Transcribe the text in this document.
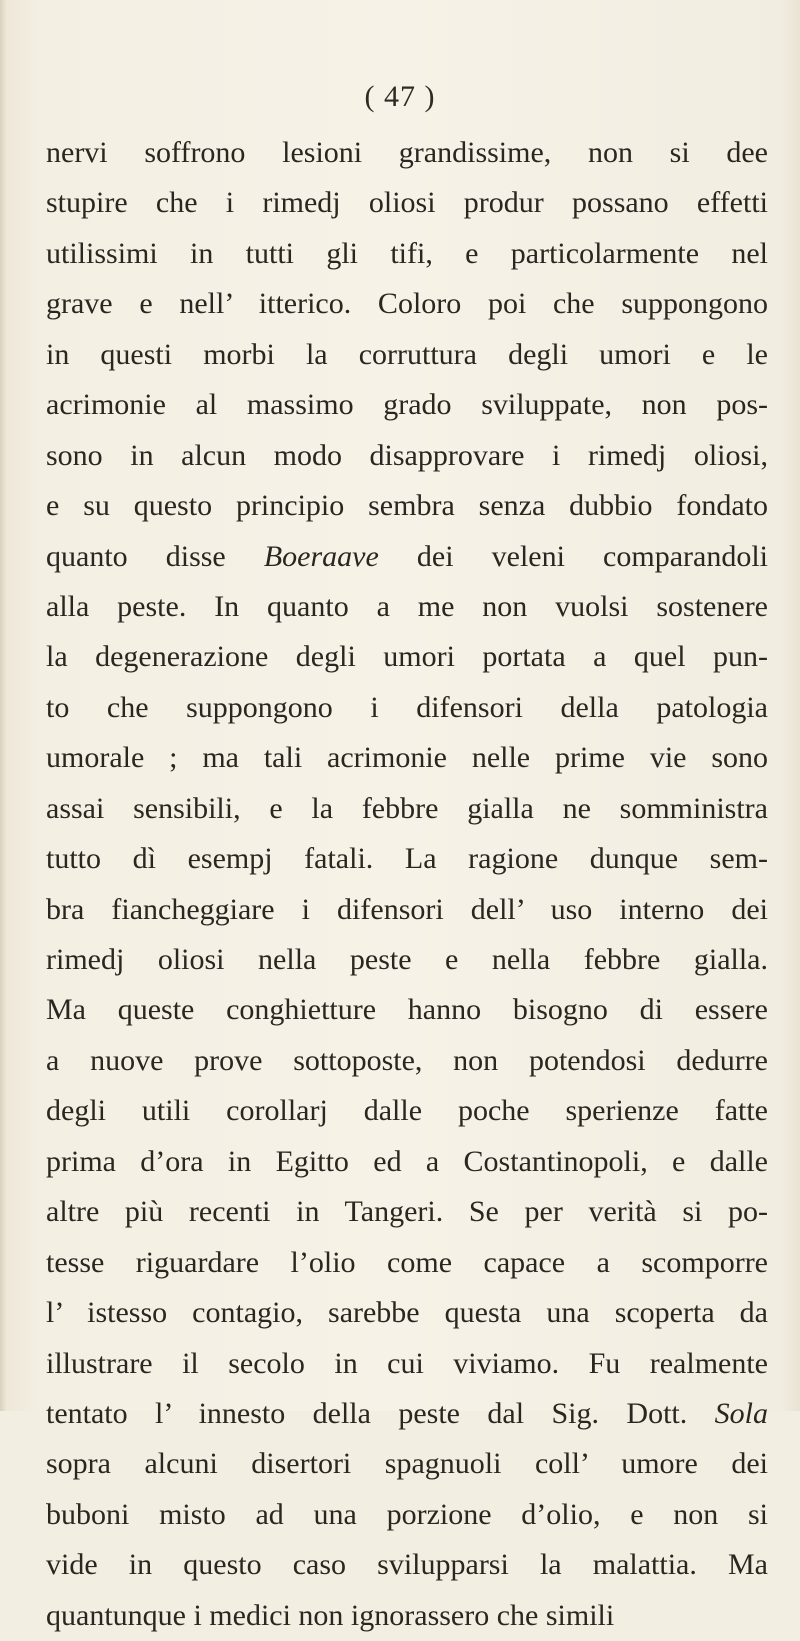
( 47 )
nervi soffrono lesioni grandissime, non si dee
stupire che i rimedj oliosi produr possano effetti
utilissimi in tutti gli tifi, e particolarmente nel
grave e nell’ itterico. Coloro poi che suppongono
in questi morbi la corruttura degli umori e le
acrimonie al massimo grado sviluppate, non pos-
sono in alcun modo disapprovare i rimedj oliosi,
e su questo principio sembra senza dubbio fondato
quanto disse Boeraave dei veleni comparandoli
alla peste. In quanto a me non vuolsi sostenere
la degenerazione degli umori portata a quel pun-
to che suppongono i difensori della patologia
umorale ; ma tali acrimonie nelle prime vie sono
assai sensibili, e la febbre gialla ne somministra
tutto dì esempj fatali. La ragione dunque sem-
bra fiancheggiare i difensori dell’ uso interno dei
rimedj oliosi nella peste e nella febbre gialla.
Ma queste conghietture hanno bisogno di essere
a nuove prove sottoposte, non potendosi dedurre
degli utili corollarj dalle poche sperienze fatte
prima d’ora in Egitto ed a Costantinopoli, e dalle
altre più recenti in Tangeri. Se per verità si po-
tesse riguardare l’olio come capace a scomporre
l’ istesso contagio, sarebbe questa una scoperta da
illustrare il secolo in cui viviamo. Fu realmente
tentato l’ innesto della peste dal Sig. Dott. Sola
sopra alcuni disertori spagnuoli coll’ umore dei
buboni misto ad una porzione d’olio, e non si
vide in questo caso svilupparsi la malattia. Ma
quantunque i medici non ignorassero che simili
